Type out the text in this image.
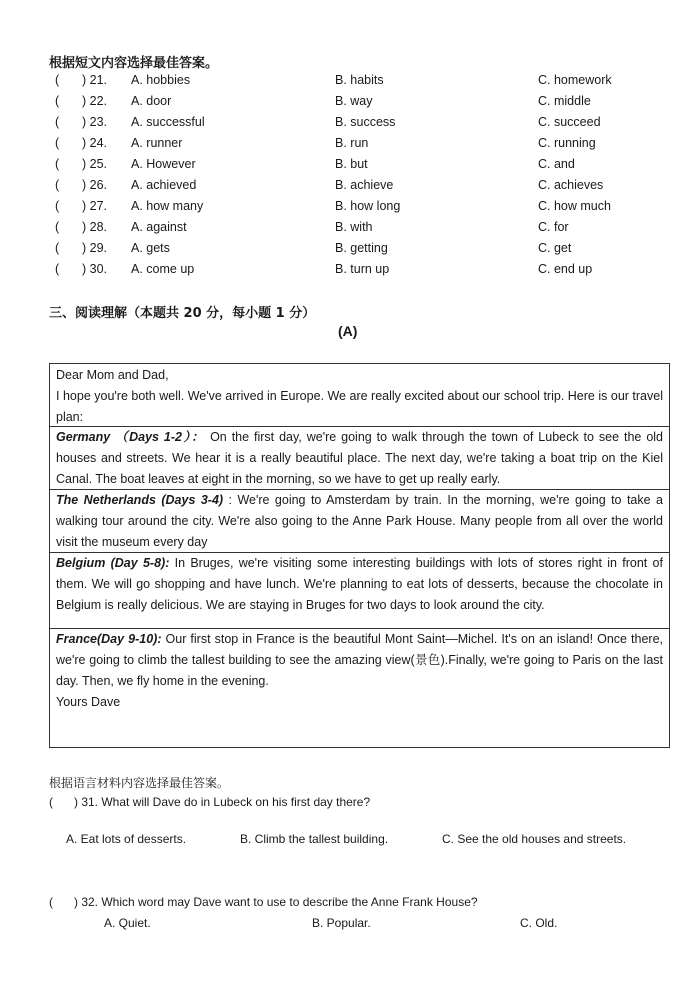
根据短文内容选择最佳答案。
( ) 21. A. hobbies	B. habits	C. homework
( ) 22. A. door	B. way	C. middle
( ) 23. A. successful	B. success	C. succeed
( ) 24. A. runner	B. run	C. running
( ) 25. A. However	B. but	C. and
( ) 26. A. achieved	B. achieve	C. achieves
( ) 27. A. how many	B. how long	C. how much
( ) 28. A. against	B. with	C. for
( ) 29. A. gets	B. getting	C. get
( ) 30. A. come up	B. turn up	C. end up
三、阅读理解（本题共 20 分，每小题 1 分）
(A)
Dear Mom and Dad,
I hope you're both well. We've arrived in Europe. We are really excited about our school trip. Here is our travel plan:
Germany （Days 1-2）： On the first day, we're going to walk through the town of Lubeck to see the old houses and streets. We hear it is a really beautiful place. The next day, we're taking a boat trip on the Kiel Canal. The boat leaves at eight in the morning, so we have to get up really early.
The Netherlands (Days 3-4) : We're going to Amsterdam by train. In the morning, we're going to take a walking tour around the city. We're also going to the Anne Park House. Many people from all over the world visit the museum every day
Belgium (Day 5-8): In Bruges, we're visiting some interesting buildings with lots of stores right in front of them. We will go shopping and have lunch. We're planning to eat lots of desserts, because the chocolate in Belgium is really delicious. We are staying in Bruges for two days to look around the city.
France(Day 9-10): Our first stop in France is the beautiful Mont Saint—Michel. It's on an island! Once there, we're going to climb the tallest building to see the amazing view(景色).Finally, we're going to Paris on the last day. Then, we fly home in the evening.
Yours Dave
根据语言材料内容选择最佳答案。
( ) 31. What will Dave do in Lubeck on his first day there?
A. Eat lots of desserts.	B. Climb the tallest building.	C. See the old houses and streets.
( ) 32. Which word may Dave want to use to describe the Anne Frank House?
A. Quiet.	B. Popular.	C. Old.
